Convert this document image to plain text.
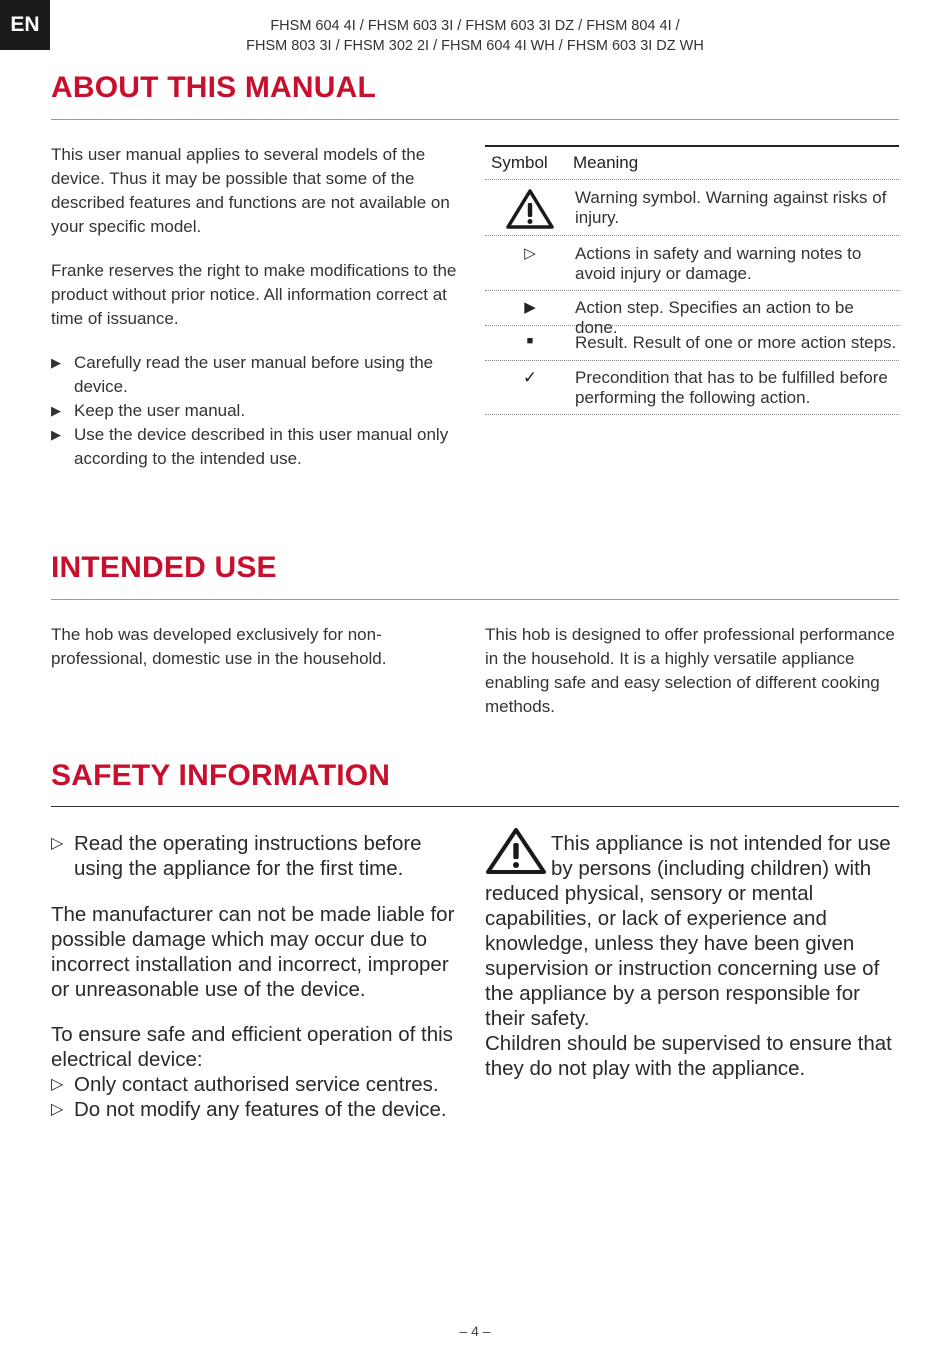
EN	FHSM 604 4I / FHSM 603 3I / FHSM 603 3I DZ / FHSM 804 4I /
FHSM 803 3I / FHSM 302 2I / FHSM 604 4I WH / FHSM 603 3I DZ WH
ABOUT THIS MANUAL

This user manual applies to several models of the device. Thus it may be possible that some of the described features and functions are not available on your specific model.

Franke reserves the right to make modifications to the product without prior notice. All information correct at time of issuance.

▶ Carefully read the user manual before using the device.
▶ Keep the user manual.
▶ Use the device described in this user manual only according to the intended use.
Symbol	Meaning
Warning symbol. Warning against risks of injury.
▷	Actions in safety and warning notes to avoid injury or damage.
▶	Action step. Specifies an action to be done.
■	Result. Result of one or more action steps.
✓	Precondition that has to be fulfilled before performing the following action.
INTENDED USE
The hob was developed exclusively for non-professional, domestic use in the household.
This hob is designed to offer professional performance in the household. It is a highly versatile appliance enabling safe and easy selection of different cooking methods.
SAFETY INFORMATION
▷ Read the operating instructions before using the appliance for the first time.

The manufacturer can not be made liable for possible damage which may occur due to incorrect installation and incorrect, improper or unreasonable use of the device.

To ensure safe and efficient operation of this electrical device:

▷ Only contact authorised service centres.
▷ Do not modify any features of the device.
This appliance is not intended for use by persons (including children) with reduced physical, sensory or mental capabilities, or lack of experience and knowledge, unless they have been given supervision or instruction concerning use of the appliance by a person responsible for their safety.
Children should be supervised to ensure that they do not play with the appliance.
– 4 –
